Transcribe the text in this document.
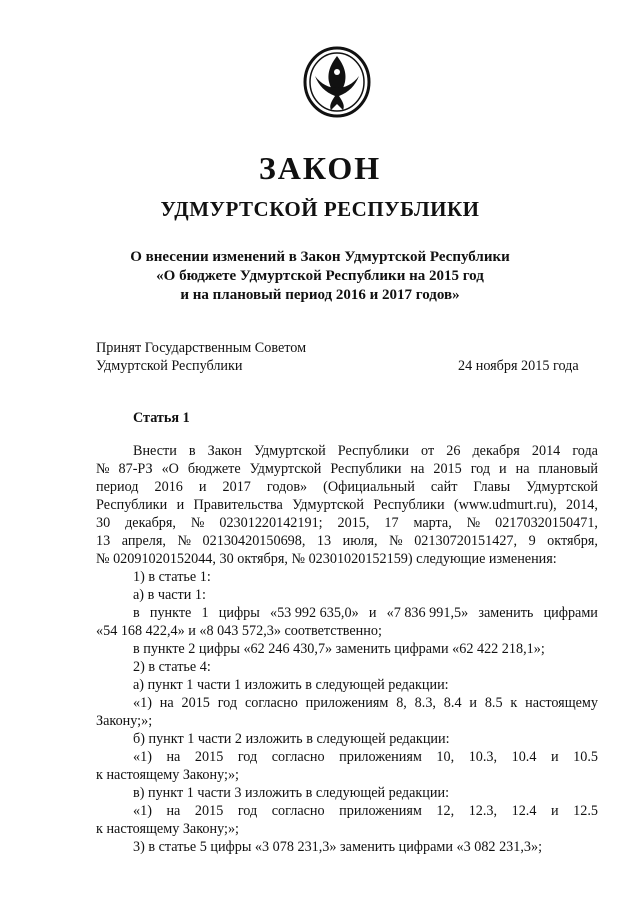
ЗАКОН
УДМУРТСКОЙ РЕСПУБЛИКИ
О внесении изменений в Закон Удмуртской Республики
«О бюджете Удмуртской Республики на 2015 год
и на плановый период 2016 и 2017 годов»
Принят Государственным Советом
Удмуртской Республики	24 ноября 2015 года
Статья 1
Внести в Закон Удмуртской Республики от 26 декабря 2014 года
№ 87-РЗ «О бюджете Удмуртской Республики на 2015 год и на плановый
период 2016 и 2017 годов» (Официальный сайт Главы Удмуртской
Республики и Правительства Удмуртской Республики (www.udmurt.ru), 2014,
30 декабря, № 02301220142191; 2015, 17 марта, № 02170320150471,
13 апреля, № 02130420150698, 13 июля, № 02130720151427, 9 октября,
№ 02091020152044, 30 октября, № 02301020152159) следующие изменения:
1) в статье 1:
а) в части 1:
в пункте 1 цифры «53 992 635,0» и «7 836 991,5» заменить цифрами
«54 168 422,4» и «8 043 572,3» соответственно;
в пункте 2 цифры «62 246 430,7» заменить цифрами «62 422 218,1»;
2) в статье 4:
а) пункт 1 части 1 изложить в следующей редакции:
«1) на 2015 год согласно приложениям 8, 8.3, 8.4 и 8.5 к настоящему
Закону;»;
б) пункт 1 части 2 изложить в следующей редакции:
«1) на 2015 год согласно приложениям 10, 10.3, 10.4 и 10.5
к настоящему Закону;»;
в) пункт 1 части 3 изложить в следующей редакции:
«1) на 2015 год согласно приложениям 12, 12.3, 12.4 и 12.5
к настоящему Закону;»;
3) в статье 5 цифры «3 078 231,3» заменить цифрами «3 082 231,3»;
